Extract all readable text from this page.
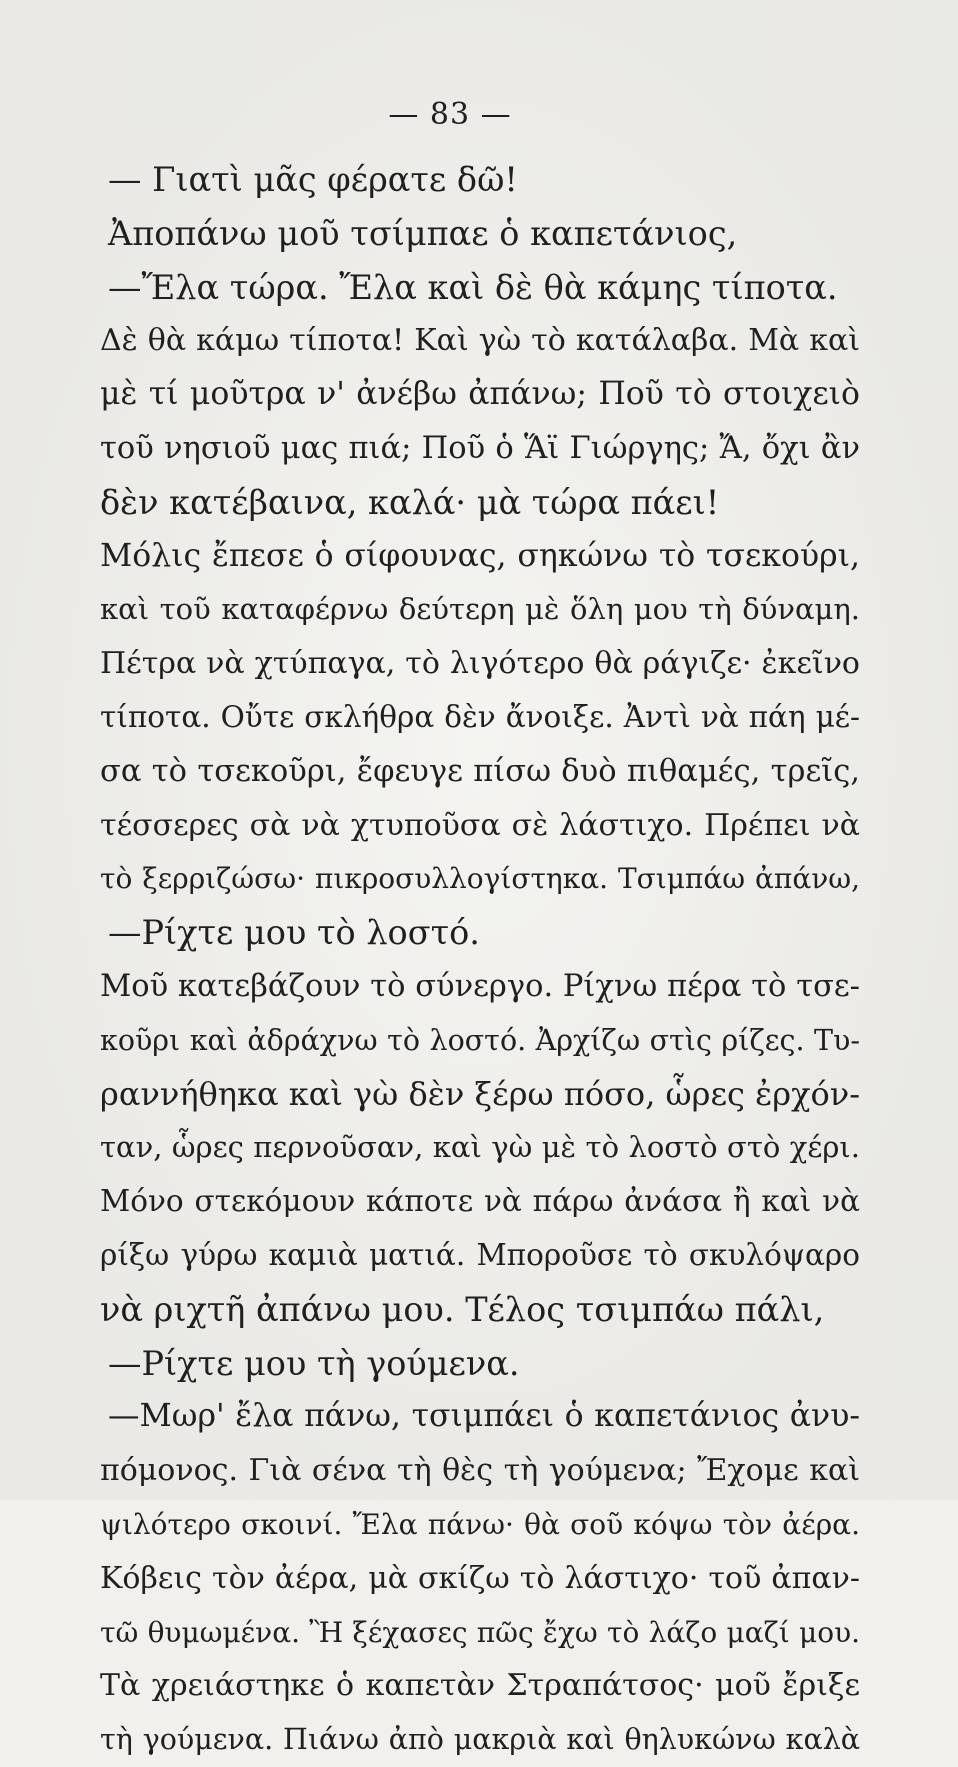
— 83 —
— Γιατὶ μᾶς φέρατε δῶ!
Ἀποπάνω μοῦ τσίμπαε ὁ καπετάνιος,
—Ἔλα τώρα. Ἔλα καὶ δὲ θὰ κάμης τίποτα.
Δὲ θὰ κάμω τίποτα! Καὶ γὼ τὸ κατάλαβα. Μὰ καὶ
μὲ τί μοῦτρα ν' ἀνέβω ἀπάνω; Ποῦ τὸ στοιχειὸ
τοῦ νησιοῦ μας πιά; Ποῦ ὁ Ἅϊ Γιώργης; Ἄ, ὄχι ἂν
δὲν κατέβαινα, καλά· μὰ τώρα πάει!
Μόλις ἔπεσε ὁ σίφουνας, σηκώνω τὸ τσεκούρι,
καὶ τοῦ καταφέρνω δεύτερη μὲ ὅλη μου τὴ δύναμη.
Πέτρα νὰ χτύπαγα, τὸ λιγότερο θὰ ράγιζε· ἐκεῖνο
τίποτα. Οὔτε σκλήθρα δὲν ἄνοιξε. Ἀντὶ νὰ πάη μέ-
σα τὸ τσεκοῦρι, ἔφευγε πίσω δυὸ πιθαμές, τρεῖς,
τέσσερες σὰ νὰ χτυποῦσα σὲ λάστιχο. Πρέπει νὰ
τὸ ξερριζώσω· πικροσυλλογίστηκα. Τσιμπάω ἀπάνω,
—Ρίχτε μου τὸ λοστό.
Μοῦ κατεβάζουν τὸ σύνεργο. Ρίχνω πέρα τὸ τσε-
κοῦρι καὶ ἀδράχνω τὸ λοστό. Ἀρχίζω στὶς ρίζες. Τυ-
ραννήθηκα καὶ γὼ δὲν ξέρω πόσο, ὧρες ἐρχόν-
ταν, ὧρες περνοῦσαν, καὶ γὼ μὲ τὸ λοστὸ στὸ χέρι.
Μόνο στεκόμουν κάποτε νὰ πάρω ἀνάσα ἢ καὶ νὰ
ρίξω γύρω καμιὰ ματιά. Μποροῦσε τὸ σκυλόψαρο
νὰ ριχτῆ ἀπάνω μου. Τέλος τσιμπάω πάλι,
—Ρίχτε μου τὴ γούμενα.
—Μωρ' ἔλα πάνω, τσιμπάει ὁ καπετάνιος ἀνυ-
πόμονος. Γιὰ σένα τὴ θὲς τὴ γούμενα; Ἔχομε καὶ
ψιλότερο σκοινί. Ἔλα πάνω· θὰ σοῦ κόψω τὸν ἀέρα.
Κόβεις τὸν ἀέρα, μὰ σκίζω τὸ λάστιχο· τοῦ ἀπαν-
τῶ θυμωμένα. Ἢ ξέχασες πῶς ἔχω τὸ λάζο μαζί μου.
Τὰ χρειάστηκε ὁ καπετὰν Στραπάτσος· μοῦ ἔριξε
τὴ γούμενα. Πιάνω ἀπὸ μακριὰ καὶ θηλυκώνω καλὰ
